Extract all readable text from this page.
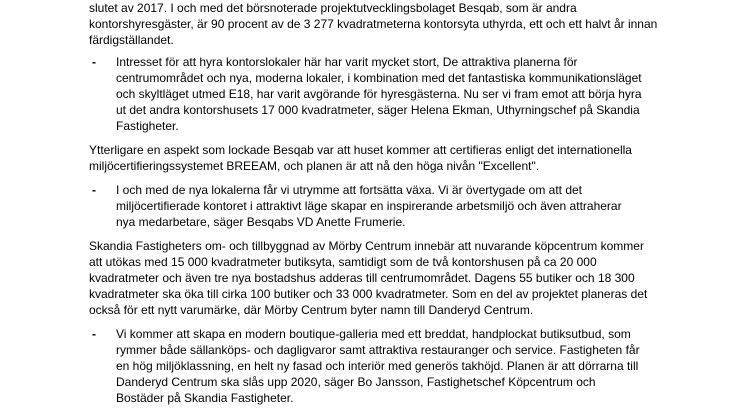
slutet av 2017. I och med det börsnoterade projektutvecklingsbolaget Besqab, som är andra
kontorshyresgäster, är 90 procent av de 3 277 kvadratmeterna kontorsyta uthyrda, ett och ett halvt år innan
färdigställandet.
- Intresset för att hyra kontorslokaler här har varit mycket stort, De attraktiva planerna för
centrumområdet och nya, moderna lokaler, i kombination med det fantastiska kommunikationsläget
och skyltläget utmed E18, har varit avgörande för hyresgästerna. Nu ser vi fram emot att börja hyra
ut det andra kontorshusets 17 000 kvadratmeter, säger Helena Ekman, Uthyrningschef på Skandia
Fastigheter.
Ytterligare en aspekt som lockade Besqab var att huset kommer att certifieras enligt det internationella
miljöcertifieringssystemet BREEAM, och planen är att nå den höga nivån "Excellent".
- I och med de nya lokalerna får vi utrymme att fortsätta växa. Vi är övertygade om att det
miljöcertifierade kontoret i attraktivt läge skapar en inspirerande arbetsmiljö och även attraherar
nya medarbetare, säger Besqabs VD Anette Frumerie.
Skandia Fastigheters om- och tillbyggnad av Mörby Centrum innebär att nuvarande köpcentrum kommer
att utökas med 15 000 kvadratmeter butiksyta, samtidigt som de två kontorshusen på ca 20 000
kvadratmeter och även tre nya bostadshus adderas till centrumområdet. Dagens 55 butiker och 18 300
kvadratmeter ska öka till cirka 100 butiker och 33 000 kvadratmeter. Som en del av projektet planeras det
också för ett nytt varumärke, där Mörby Centrum byter namn till Danderyd Centrum.
- Vi kommer att skapa en modern boutique-galleria med ett breddat, handplockat butiksutbud, som
rymmer både sällanköps- och dagligvaror samt attraktiva restauranger och service. Fastigheten får
en hög miljöklassning, en helt ny fasad och interiör med generös takhöjd. Planen är att dörrarna till
Danderyd Centrum ska slås upp 2020, säger Bo Jansson, Fastighetschef Köpcentrum och
Bostäder på Skandia Fastigheter.
